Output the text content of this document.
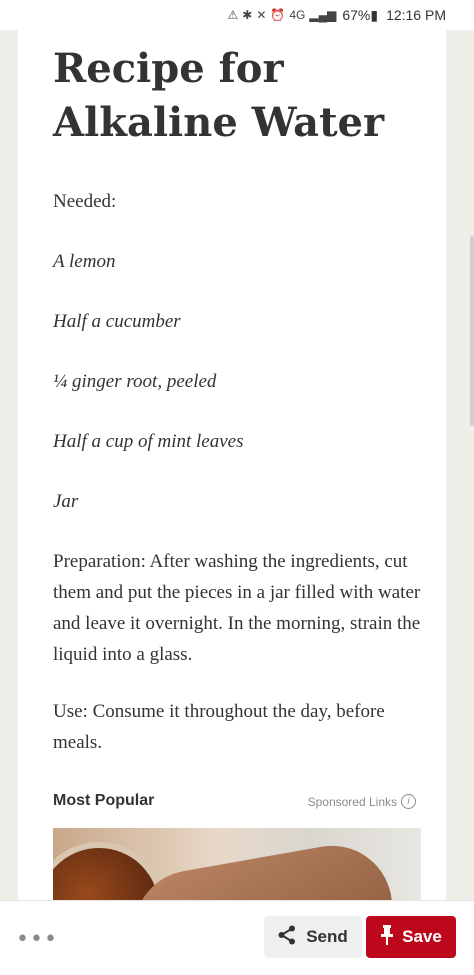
⚠ ✱ ✕ ⏰ 4G ▂▄▆ 67% ▮ 12:16 PM
Recipe for Alkaline Water

Needed:

A lemon

Half a cucumber

¼ ginger root, peeled

Half a cup of mint leaves

Jar

Preparation: After washing the ingredients, cut them and put the pieces in a jar filled with water and leave it overnight. In the morning, strain the liquid into a glass.

Use: Consume it throughout the day, before meals.

Most Popular	Sponsored Links	i
•••	Send	Save
